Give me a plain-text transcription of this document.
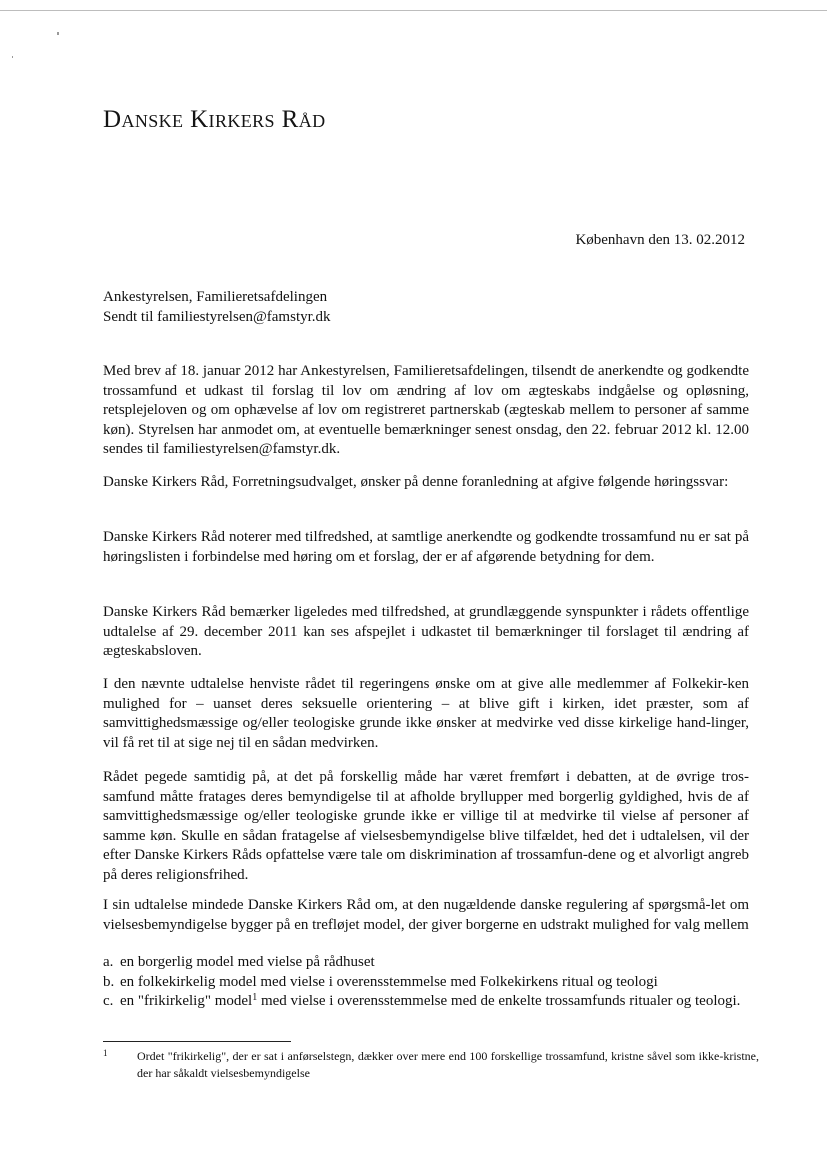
Danske Kirkers Råd
København den 13. 02.2012
Ankestyrelsen, Familieretsafdelingen
Sendt til familiestyrelsen@famstyr.dk
Med brev af 18. januar 2012 har Ankestyrelsen, Familieretsafdelingen, tilsendt de anerkendte og godkendte trossamfund et udkast til forslag til lov om ændring af lov om ægteskabs indgåelse og opløsning, retsplejeloven og om ophævelse af lov om registreret partnerskab (ægteskab mellem to personer af samme køn). Styrelsen har anmodet om, at eventuelle bemærkninger senest onsdag, den 22. februar 2012 kl. 12.00 sendes til familiestyrelsen@famstyr.dk.
Danske Kirkers Råd, Forretningsudvalget, ønsker på denne foranledning at afgive følgende høringssvar:
Danske Kirkers Råd noterer med tilfredshed, at samtlige anerkendte og godkendte trossamfund nu er sat på høringslisten i forbindelse med høring om et forslag, der er af afgørende betydning for dem.
Danske Kirkers Råd bemærker ligeledes med tilfredshed, at grundlæggende synspunkter i rådets offentlige udtalelse af 29. december 2011 kan ses afspejlet i udkastet til bemærkninger til forslaget til ændring af ægteskabsloven.
I den nævnte udtalelse henviste rådet til regeringens ønske om at give alle medlemmer af Folkekir-ken mulighed for – uanset deres seksuelle orientering – at blive gift i kirken, idet præster, som af samvittighedsmæssige og/eller teologiske grunde ikke ønsker at medvirke ved disse kirkelige hand-linger, vil få ret til at sige nej til en sådan medvirken.
Rådet pegede samtidig på, at det på forskellig måde har været fremført i debatten, at de øvrige tros-samfund måtte fratages deres bemyndigelse til at afholde bryllupper med borgerlig gyldighed, hvis de af samvittighedsmæssige og/eller teologiske grunde ikke er villige til at medvirke til vielse af personer af samme køn. Skulle en sådan fratagelse af vielsesbemyndigelse blive tilfældet, hed det i udtalelsen, vil der efter Danske Kirkers Råds opfattelse være tale om diskrimination af trossamfun-dene og et alvorligt angreb på deres religionsfrihed.
I sin udtalelse mindede Danske Kirkers Råd om, at den nugældende danske regulering af spørgsmå-let om vielsesbemyndigelse bygger på en trefløjet model, der giver borgerne en udstrakt mulighed for valg mellem
a. en borgerlig model med vielse på rådhuset
b. en folkekirkelig model med vielse i overensstemmelse med Folkekirkens ritual og teologi
c. en "frikirkelig" model$^1$ med vielse i overensstemmelse med de enkelte trossamfunds ritualer og teologi.
1 Ordet "frikirkelig", der er sat i anførselstegn, dækker over mere end 100 forskellige trossamfund, kristne såvel som ikke-kristne, der har såkaldt vielsesbemyndigelse
